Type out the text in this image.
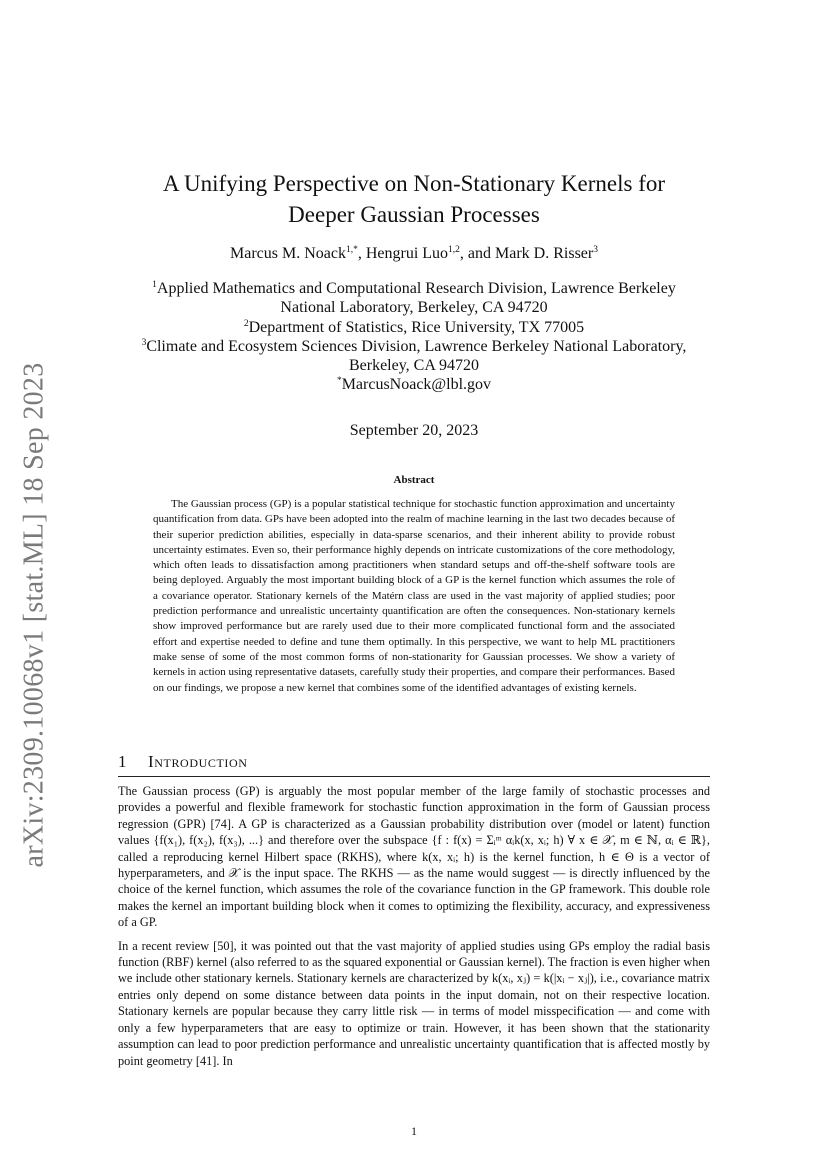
arXiv:2309.10068v1 [stat.ML] 18 Sep 2023
A Unifying Perspective on Non-Stationary Kernels for
Deeper Gaussian Processes
Marcus M. Noack$^{1,*}$, Hengrui Luo$^{1,2}$, and Mark D. Risser$^3$
$^1$Applied Mathematics and Computational Research Division, Lawrence Berkeley
National Laboratory, Berkeley, CA 94720
$^2$Department of Statistics, Rice University, TX 77005
$^3$Climate and Ecosystem Sciences Division, Lawrence Berkeley National Laboratory,
Berkeley, CA 94720
*MarcusNoack@lbl.gov
September 20, 2023
Abstract
The Gaussian process (GP) is a popular statistical technique for stochastic function approximation and uncertainty quantification from data. GPs have been adopted into the realm of machine learning in the last two decades because of their superior prediction abilities, especially in data-sparse scenarios, and their inherent ability to provide robust uncertainty estimates. Even so, their performance highly depends on intricate customizations of the core methodology, which often leads to dissatisfaction among practitioners when standard setups and off-the-shelf software tools are being deployed. Arguably the most important building block of a GP is the kernel function which assumes the role of a covariance operator. Stationary kernels of the Matérn class are used in the vast majority of applied studies; poor prediction performance and unrealistic uncertainty quantification are often the consequences. Non-stationary kernels show improved performance but are rarely used due to their more complicated functional form and the associated effort and expertise needed to define and tune them optimally. In this perspective, we want to help ML practitioners make sense of some of the most common forms of non-stationarity for Gaussian processes. We show a variety of kernels in action using representative datasets, carefully study their properties, and compare their performances. Based on our findings, we propose a new kernel that combines some of the identified advantages of existing kernels.
1 Introduction

The Gaussian process (GP) is arguably the most popular member of the large family of stochastic processes and provides a powerful and flexible framework for stochastic function approximation in the form of Gaussian process regression (GPR) [74]. A GP is characterized as a Gaussian probability distribution over (model or latent) function values {f(x₁), f(x₂), f(x₃), ...} and therefore over the subspace {f : f(x) = Σᵢᵐ αᵢk(x, xᵢ; h) ∀ x ∈ 𝒳, m ∈ ℕ, αᵢ ∈ ℝ}, called a reproducing kernel Hilbert space (RKHS), where k(x, xᵢ; h) is the kernel function, h ∈ Θ is a vector of hyperparameters, and 𝒳 is the input space. The RKHS — as the name would suggest — is directly influenced by the choice of the kernel function, which assumes the role of the covariance function in the GP framework. This double role makes the kernel an important building block when it comes to optimizing the flexibility, accuracy, and expressiveness of a GP.

In a recent review [50], it was pointed out that the vast majority of applied studies using GPs employ the radial basis function (RBF) kernel (also referred to as the squared exponential or Gaussian kernel). The fraction is even higher when we include other stationary kernels. Stationary kernels are characterized by k(xᵢ, xⱼ) = k(|xᵢ − xⱼ|), i.e., covariance matrix entries only depend on some distance between data points in the input domain, not on their respective location. Stationary kernels are popular because they carry little risk — in terms of model misspecification — and come with only a few hyperparameters that are easy to optimize or train. However, it has been shown that the stationarity assumption can lead to poor prediction performance and unrealistic uncertainty quantification that is affected mostly by point geometry [41]. In

1
